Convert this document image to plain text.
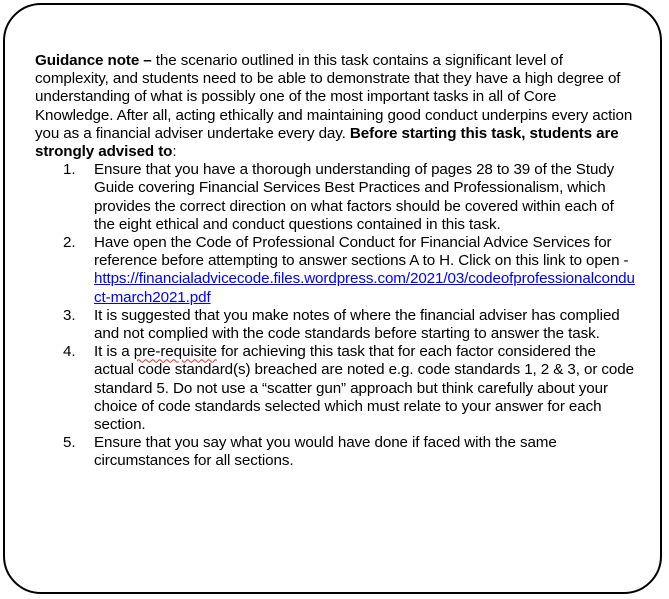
Guidance note – the scenario outlined in this task contains a significant level of complexity, and students need to be able to demonstrate that they have a high degree of understanding of what is possibly one of the most important tasks in all of Core Knowledge. After all, acting ethically and maintaining good conduct underpins every action you as a financial adviser undertake every day. Before starting this task, students are strongly advised to:

1. Ensure that you have a thorough understanding of pages 28 to 39 of the Study Guide covering Financial Services Best Practices and Professionalism, which provides the correct direction on what factors should be covered within each of the eight ethical and conduct questions contained in this task.
2. Have open the Code of Professional Conduct for Financial Advice Services for reference before attempting to answer sections A to H. Click on this link to open - https://financialadvicecode.files.wordpress.com/2021/03/codeofprofessionalconduct-march2021.pdf
3. It is suggested that you make notes of where the financial adviser has complied and not complied with the code standards before starting to answer the task.
4. It is a pre-requisite for achieving this task that for each factor considered the actual code standard(s) breached are noted e.g. code standards 1, 2 & 3, or code standard 5. Do not use a “scatter gun” approach but think carefully about your choice of code standards selected which must relate to your answer for each section.
5. Ensure that you say what you would have done if faced with the same circumstances for all sections.
